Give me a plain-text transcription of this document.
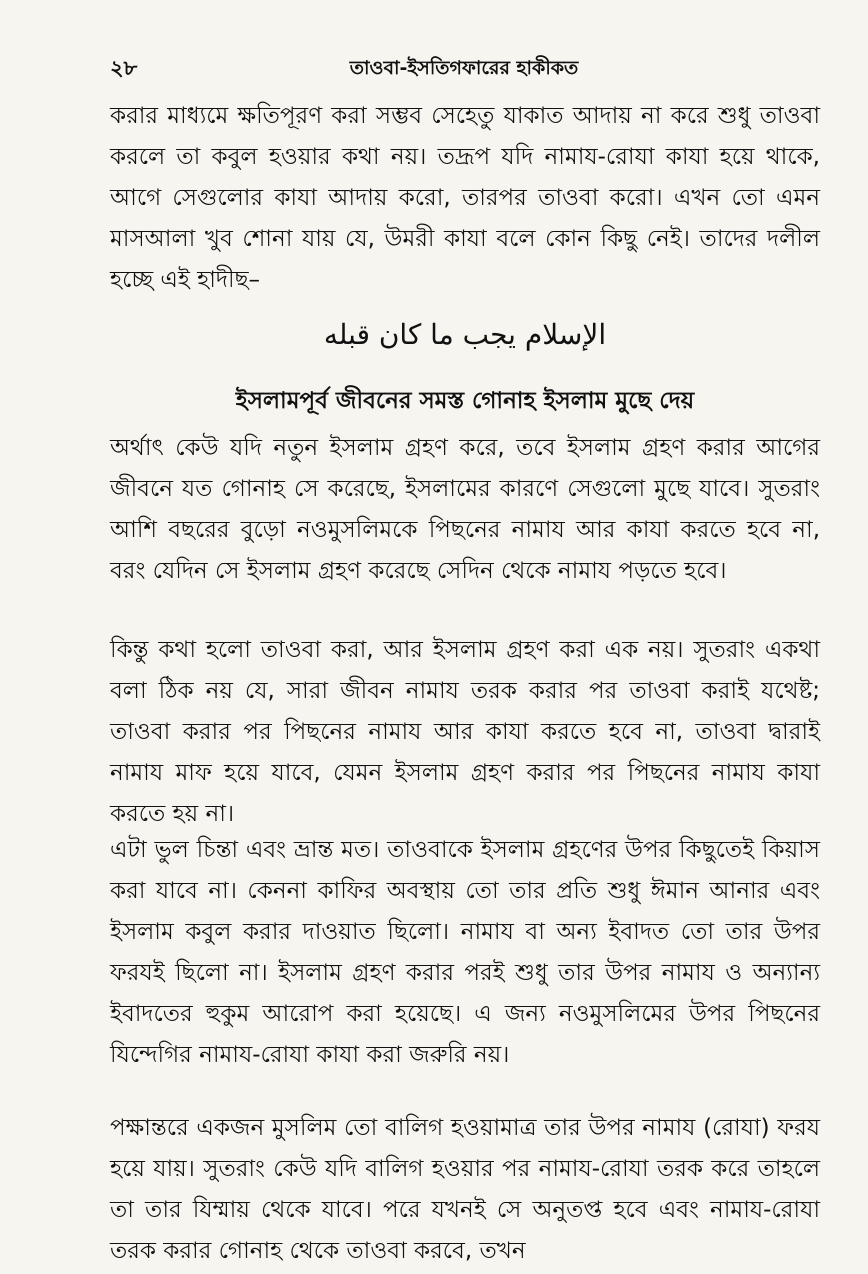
২৮	তাওবা-ইসতিগফারের হাকীকত

করার মাধ্যমে ক্ষতিপূরণ করা সম্ভব সেহেতু যাকাত আদায় না করে শুধু তাওবা করলে তা কবুল হওয়ার কথা নয়। তদ্রূপ যদি নামায-রোযা কাযা হয়ে থাকে, আগে সেগুলোর কাযা আদায় করো, তারপর তাওবা করো। এখন তো এমন মাসআলা খুব শোনা যায় যে, উমরী কাযা বলে কোন কিছু নেই। তাদের দলীল হচ্ছে এই হাদীছ–

الإسلام يجب ما كان قبله
ইসলামপূর্ব জীবনের সমস্ত গোনাহ ইসলাম মুছে দেয়

অর্থাৎ কেউ যদি নতুন ইসলাম গ্রহণ করে, তবে ইসলাম গ্রহণ করার আগের জীবনে যত গোনাহ সে করেছে, ইসলামের কারণে সেগুলো মুছে যাবে। সুতরাং আশি বছরের বুড়ো নওমুসলিমকে পিছনের নামায আর কাযা করতে হবে না, বরং যেদিন সে ইসলাম গ্রহণ করেছে সেদিন থেকে নামায পড়তে হবে।

কিন্তু কথা হলো তাওবা করা, আর ইসলাম গ্রহণ করা এক নয়। সুতরাং একথা বলা ঠিক নয় যে, সারা জীবন নামায তরক করার পর তাওবা করাই যথেষ্ট; তাওবা করার পর পিছনের নামায আর কাযা করতে হবে না, তাওবা দ্বারাই নামায মাফ হয়ে যাবে, যেমন ইসলাম গ্রহণ করার পর পিছনের নামায কাযা করতে হয় না।

এটা ভুল চিন্তা এবং ভ্রান্ত মত। তাওবাকে ইসলাম গ্রহণের উপর কিছুতেই কিয়াস করা যাবে না। কেননা কাফির অবস্থায় তো তার প্রতি শুধু ঈমান আনার এবং ইসলাম কবুল করার দাওয়াত ছিলো। নামায বা অন্য ইবাদত তো তার উপর ফরযই ছিলো না। ইসলাম গ্রহণ করার পরই শুধু তার উপর নামায ও অন্যান্য ইবাদতের হুকুম আরোপ করা হয়েছে। এ জন্য নওমুসলিমের উপর পিছনের যিন্দেগির নামায-রোযা কাযা করা জরুরি নয়।

পক্ষান্তরে একজন মুসলিম তো বালিগ হওয়ামাত্র তার উপর নামায (রোযা) ফরয হয়ে যায়। সুতরাং কেউ যদি বালিগ হওয়ার পর নামায-রোযা তরক করে তাহলে তা তার যিম্মায় থেকে যাবে। পরে যখনই সে অনুতপ্ত হবে এবং নামায-রোযা তরক করার গোনাহ থেকে তাওবা করবে, তখন
